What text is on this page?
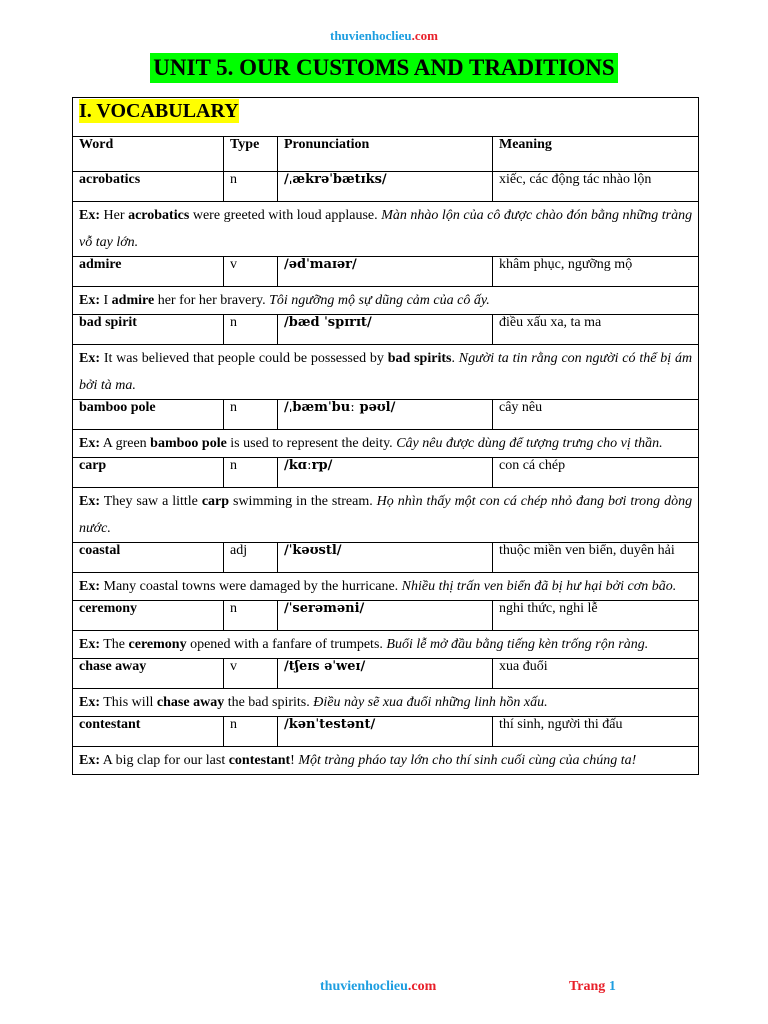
thuvienhoclieu.com
UNIT 5. OUR CUSTOMS AND TRADITIONS
I. VOCABULARY			
Word	Type	Pronunciation	Meaning
acrobatics	n	/ˌækrəˈbætɪks/	xiếc, các động tác nhào lộn
Ex: Her acrobatics were greeted with loud applause. Màn nhào lộn của cô được chào đón bằng những tràng vỗ tay lớn.			
admire	v	/ədˈmaɪər/	khâm phục, ngưỡng mộ
Ex: I admire her for her bravery. Tôi ngưỡng mộ sự dũng cảm của cô ấy.			
bad spirit	n	/bæd ˈspɪrɪt/	điều xấu xa, ta ma
Ex: It was believed that people could be possessed by bad spirits. Người ta tin rằng con người có thể bị ám bởi tà ma.			
bamboo pole	n	/ˌbæmˈbuː pəʊl/	cây nêu
Ex: A green bamboo pole is used to represent the deity. Cây nêu được dùng để tượng trưng cho vị thần.			
carp	n	/kɑːrp/	con cá chép
Ex: They saw a little carp swimming in the stream. Họ nhìn thấy một con cá chép nhỏ đang bơi trong dòng nước.			
coastal	adj	/ˈkəʊstl/	thuộc miền ven biển, duyên hải
Ex: Many coastal towns were damaged by the hurricane. Nhiều thị trấn ven biển đã bị hư hại bởi cơn bão.			
ceremony	n	/ˈserəməni/	nghi thức, nghi lễ
Ex: The ceremony opened with a fanfare of trumpets. Buổi lễ mở đầu bằng tiếng kèn trống rộn ràng.			
chase away	v	/tʃeɪs əˈweɪ/	xua đuổi
Ex: This will chase away the bad spirits. Điều này sẽ xua đuổi những linh hồn xấu.			
contestant	n	/kənˈtestənt/	thí sinh, người thi đấu
Ex: A big clap for our last contestant! Một tràng pháo tay lớn cho thí sinh cuối cùng của chúng ta!			
thuvienhoclieu.com	Trang 1
